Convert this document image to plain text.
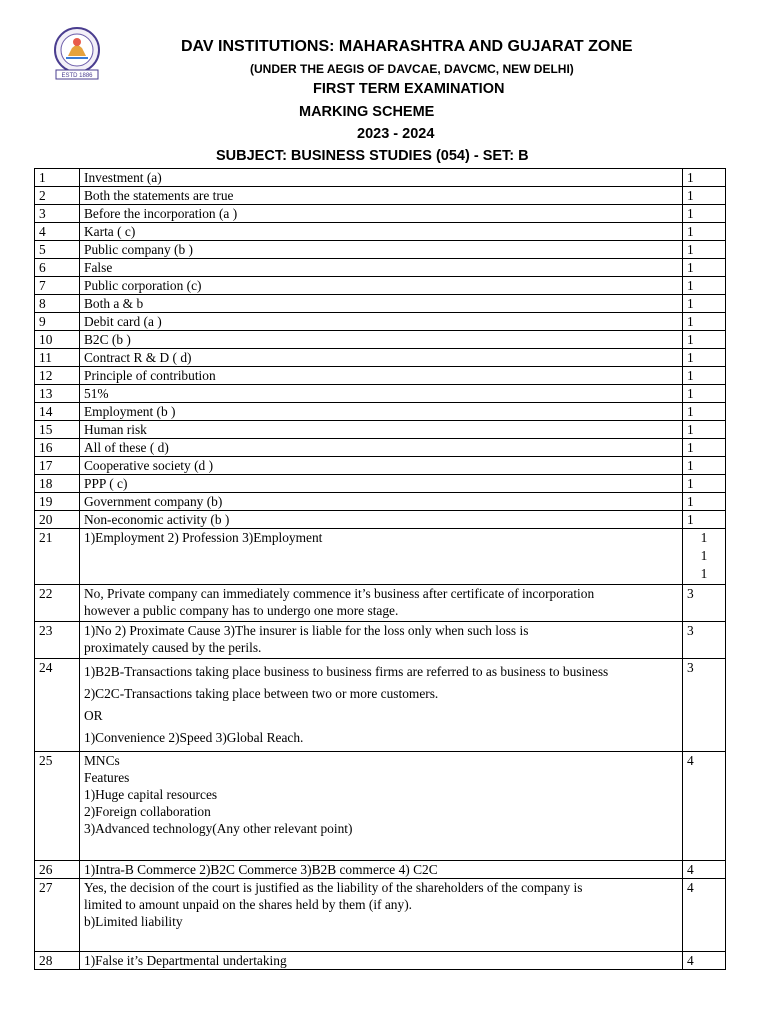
ESTD 1886
DAV INSTITUTIONS: MAHARASHTRA AND GUJARAT ZONE
(UNDER THE AEGIS OF DAVCAE, DAVCMC, NEW DELHI)
FIRST TERM EXAMINATION
MARKING SCHEME
2023 - 2024
SUBJECT: BUSINESS STUDIES (054) - SET: B
1	Investment (a)	1
2	Both the statements are true	1
3	Before the incorporation (a )	1
4	Karta ( c)	1
5	Public company (b )	1
6	False	1
7	Public corporation (c)	1
8	Both a & b	1
9	Debit card (a )	1
10	B2C (b )	1
11	Contract R & D ( d)	1
12	Principle of contribution	1
13	51%	1
14	Employment (b )	1
15	Human risk	1
16	All of these ( d)	1
17	Cooperative society (d )	1
18	PPP ( c)	1
19	Government company (b)	1
20	Non-economic activity (b )	1
21	1)Employment 2) Profession 3)Employment	1
1
1
22	No, Private company can immediately commence it’s business after certificate of incorporation
however a public company has to undergo one more stage.	3
23	1)No 2) Proximate Cause 3)The insurer is liable for the loss only when such loss is
proximately caused by the perils.	3
24	1)B2B-Transactions taking place business to business firms are referred to as business to business
2)C2C-Transactions taking place between two or more customers.
OR
1)Convenience 2)Speed 3)Global Reach.	3
25	MNCs
Features
1)Huge capital resources
2)Foreign collaboration
3)Advanced technology(Any other relevant point)	4
26	1)Intra-B Commerce 2)B2C Commerce 3)B2B commerce 4) C2C	4
27	Yes, the decision of the court is justified as the liability of the shareholders of the company is
limited to amount unpaid on the shares held by them (if any).
b)Limited liability	4
28	1)False it’s Departmental undertaking	4
